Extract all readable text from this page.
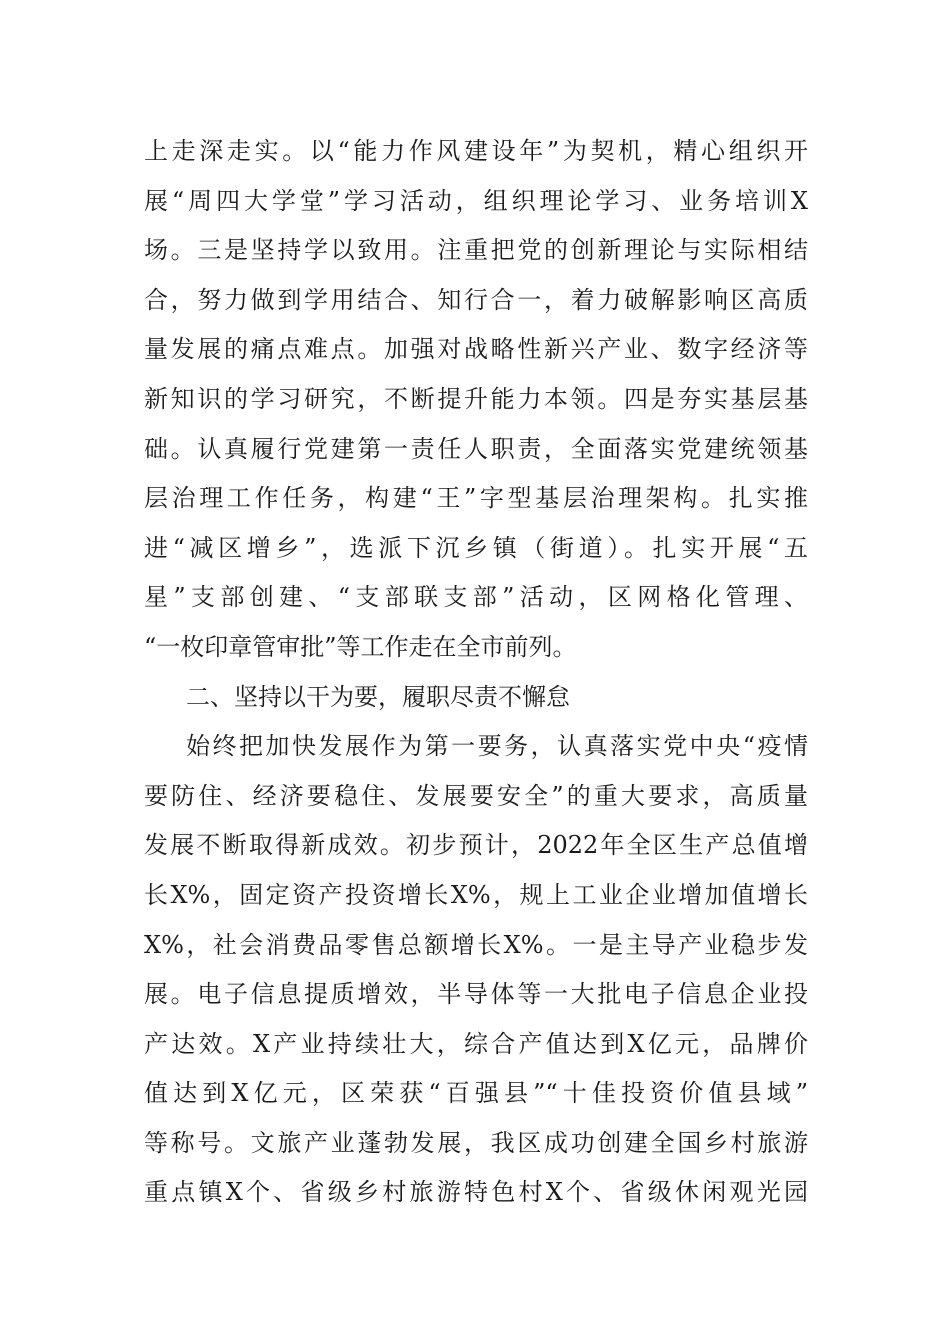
上走深走实。以“能力作风建设年”为契机，精心组织开
展“周四大学堂”学习活动，组织理论学习、业务培训X
场。三是坚持学以致用。注重把党的创新理论与实际相结
合，努力做到学用结合、知行合一，着力破解影响区高质
量发展的痛点难点。加强对战略性新兴产业、数字经济等
新知识的学习研究，不断提升能力本领。四是夯实基层基
础。认真履行党建第一责任人职责，全面落实党建统领基
层治理工作任务，构建“王”字型基层治理架构。扎实推
进“减区增乡”，选派下沉乡镇（街道）。扎实开展“五
星”支部创建、“支部联支部”活动，区网格化管理、
“一枚印章管审批”等工作走在全市前列。
二、坚持以干为要，履职尽责不懈怠
始终把加快发展作为第一要务，认真落实党中央“疫情
要防住、经济要稳住、发展要安全”的重大要求，高质量
发展不断取得新成效。初步预计，2022年全区生产总值增
长X%，固定资产投资增长X%，规上工业企业增加值增长
X%，社会消费品零售总额增长X%。一是主导产业稳步发
展。电子信息提质增效，半导体等一大批电子信息企业投
产达效。X产业持续壮大，综合产值达到X亿元，品牌价
值达到X亿元，区荣获“百强县”“十佳投资价值县域”
等称号。文旅产业蓬勃发展，我区成功创建全国乡村旅游
重点镇X个、省级乡村旅游特色村X个、省级休闲观光园
